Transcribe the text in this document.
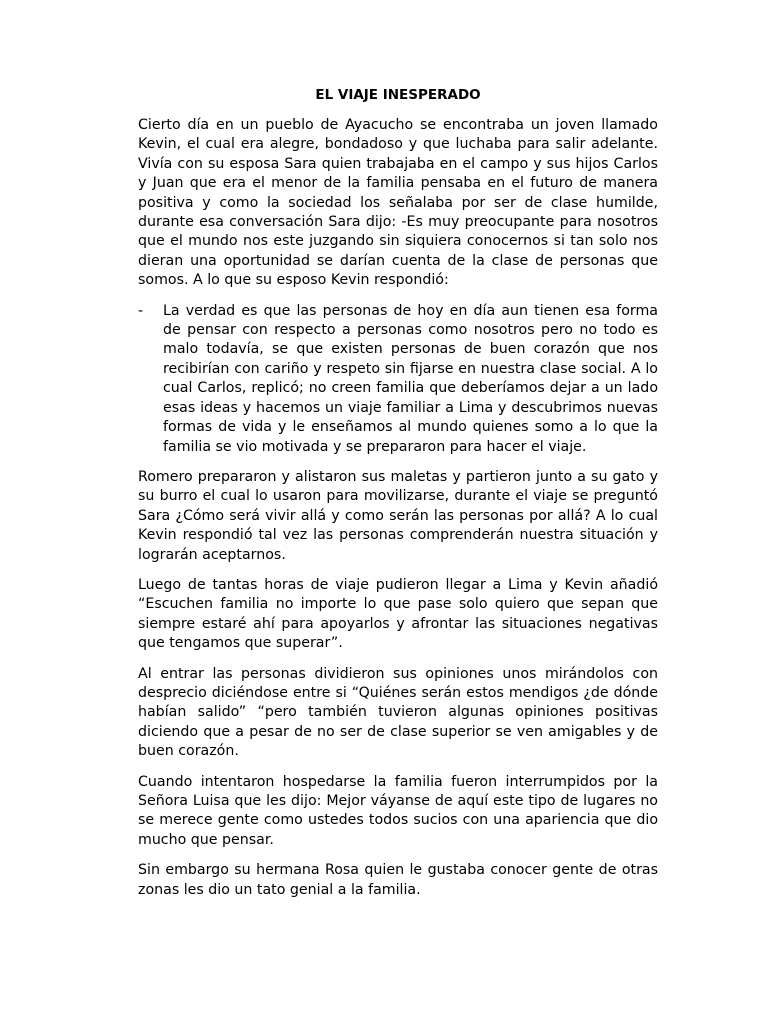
EL VIAJE INESPERADO

Cierto día en un pueblo de Ayacucho se encontraba un joven llamado Kevin, el cual era alegre, bondadoso y que luchaba para salir adelante. Vivía con su esposa Sara quien trabajaba en el campo y sus hijos Carlos y Juan que era el menor de la familia pensaba en el futuro de manera positiva y como la sociedad los señalaba por ser de clase humilde, durante esa conversación Sara dijo: -Es muy preocupante para nosotros que el mundo nos este juzgando sin siquiera conocernos si tan solo nos dieran una oportunidad se darían cuenta de la clase de personas que somos. A lo que su esposo Kevin respondió:

-	La verdad es que las personas de hoy en día aun tienen esa forma de pensar con respecto a personas como nosotros pero no todo es malo todavía, se que existen personas de buen corazón que nos recibirían con cariño y respeto sin fijarse en nuestra clase social. A lo cual Carlos, replicó; no creen familia que deberíamos dejar a un lado esas ideas y hacemos un viaje familiar a Lima y descubrimos nuevas formas de vida y le enseñamos al mundo quienes somo a lo que la familia se vio motivada y se prepararon para hacer el viaje.

Romero prepararon y alistaron sus maletas y partieron junto a su gato y su burro el cual lo usaron para movilizarse, durante el viaje se preguntó Sara ¿Cómo será vivir allá y como serán las personas por allá? A lo cual Kevin respondió tal vez las personas comprenderán nuestra situación y lograrán aceptarnos.

Luego de tantas horas de viaje pudieron llegar a Lima y Kevin añadió “Escuchen familia no importe lo que pase solo quiero que sepan que siempre estaré ahí para apoyarlos y afrontar las situaciones negativas que tengamos que superar”.

Al entrar las personas dividieron sus opiniones unos mirándolos con desprecio diciéndose entre si “Quiénes serán estos mendigos ¿de dónde habían salido” “pero también tuvieron algunas opiniones positivas diciendo que a pesar de no ser de clase superior se ven amigables y de buen corazón.

Cuando intentaron hospedarse la familia fueron interrumpidos por la Señora Luisa que les dijo: Mejor váyanse de aquí este tipo de lugares no se merece gente como ustedes todos sucios con una apariencia que dio mucho que pensar.

Sin embargo su hermana Rosa quien le gustaba conocer gente de otras zonas les dio un tato genial a la familia.
